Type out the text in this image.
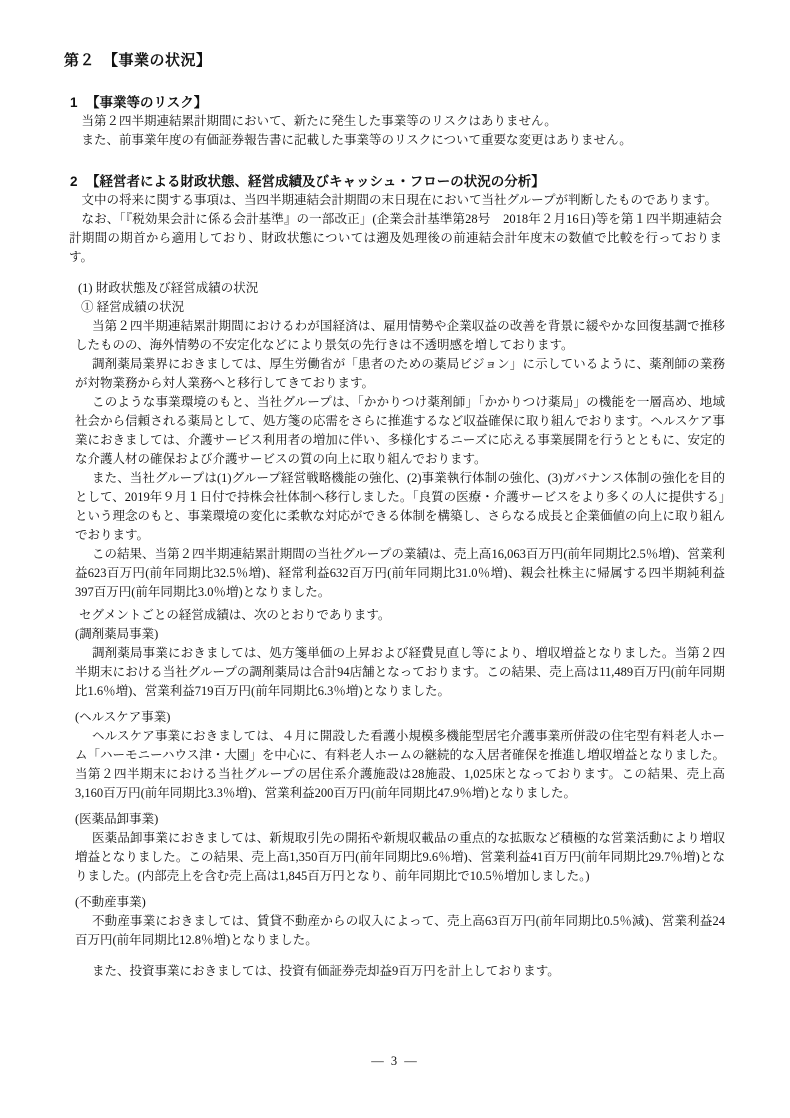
第２　【事業の状況】
1 【事業等のリスク】

当第２四半期連結累計期間において、新たに発生した事業等のリスクはありません。

また、前事業年度の有価証券報告書に記載した事業等のリスクについて重要な変更はありません。

2 【経営者による財政状態、経営成績及びキャッシュ・フローの状況の分析】

文中の将来に関する事項は、当四半期連結会計期間の末日現在において当社グループが判断したものであります。

なお、「『税効果会計に係る会計基準』の一部改正」(企業会計基準第28号　2018年２月16日)等を第１四半期連結会計期間の期首から適用しており、財政状態については遡及処理後の前連結会計年度末の数値で比較を行っております。

(1) 財政状態及び経営成績の状況
① 経営成績の状況

当第２四半期連結累計期間におけるわが国経済は、雇用情勢や企業収益の改善を背景に緩やかな回復基調で推移したものの、海外情勢の不安定化などにより景気の先行きは不透明感を増しております。

調剤薬局業界におきましては、厚生労働省が「患者のための薬局ビジョン」に示しているように、薬剤師の業務が対物業務から対人業務へと移行してきております。

このような事業環境のもと、当社グループは、「かかりつけ薬剤師」「かかりつけ薬局」の機能を一層高め、地域社会から信頼される薬局として、処方箋の応需をさらに推進するなど収益確保に取り組んでおります。ヘルスケア事業におきましては、介護サービス利用者の増加に伴い、多様化するニーズに応える事業展開を行うとともに、安定的な介護人材の確保および介護サービスの質の向上に取り組んでおります。

また、当社グループは(1)グループ経営戦略機能の強化、(2)事業執行体制の強化、(3)ガバナンス体制の強化を目的として、2019年９月１日付で持株会社体制へ移行しました。「良質の医療・介護サービスをより多くの人に提供する」という理念のもと、事業環境の変化に柔軟な対応ができる体制を構築し、さらなる成長と企業価値の向上に取り組んでおります。

この結果、当第２四半期連結累計期間の当社グループの業績は、売上高16,063百万円(前年同期比2.5％増)、営業利益623百万円(前年同期比32.5％増)、経常利益632百万円(前年同期比31.0％増)、親会社株主に帰属する四半期純利益397百万円(前年同期比3.0％増)となりました。

セグメントごとの経営成績は、次のとおりであります。
(調剤薬局事業)

調剤薬局事業におきましては、処方箋単価の上昇および経費見直し等により、増収増益となりました。当第２四半期末における当社グループの調剤薬局は合計94店舗となっております。この結果、売上高は11,489百万円(前年同期比1.6％増)、営業利益719百万円(前年同期比6.3％増)となりました。

(ヘルスケア事業)

ヘルスケア事業におきましては、４月に開設した看護小規模多機能型居宅介護事業所併設の住宅型有料老人ホーム「ハーモニーハウス津・大園」を中心に、有料老人ホームの継続的な入居者確保を推進し増収増益となりました。当第２四半期末における当社グループの居住系介護施設は28施設、1,025床となっております。この結果、売上高3,160百万円(前年同期比3.3％増)、営業利益200百万円(前年同期比47.9％増)となりました。

(医薬品卸事業)

医薬品卸事業におきましては、新規取引先の開拓や新規収載品の重点的な拡販など積極的な営業活動により増収増益となりました。この結果、売上高1,350百万円(前年同期比9.6％増)、営業利益41百万円(前年同期比29.7％増)となりました。(内部売上を含む売上高は1,845百万円となり、前年同期比で10.5％増加しました。)

(不動産事業)

不動産事業におきましては、賃貸不動産からの収入によって、売上高63百万円(前年同期比0.5％減)、営業利益24百万円(前年同期比12.8％増)となりました。

また、投資事業におきましては、投資有価証券売却益9百万円を計上しております。

― 3 ―
